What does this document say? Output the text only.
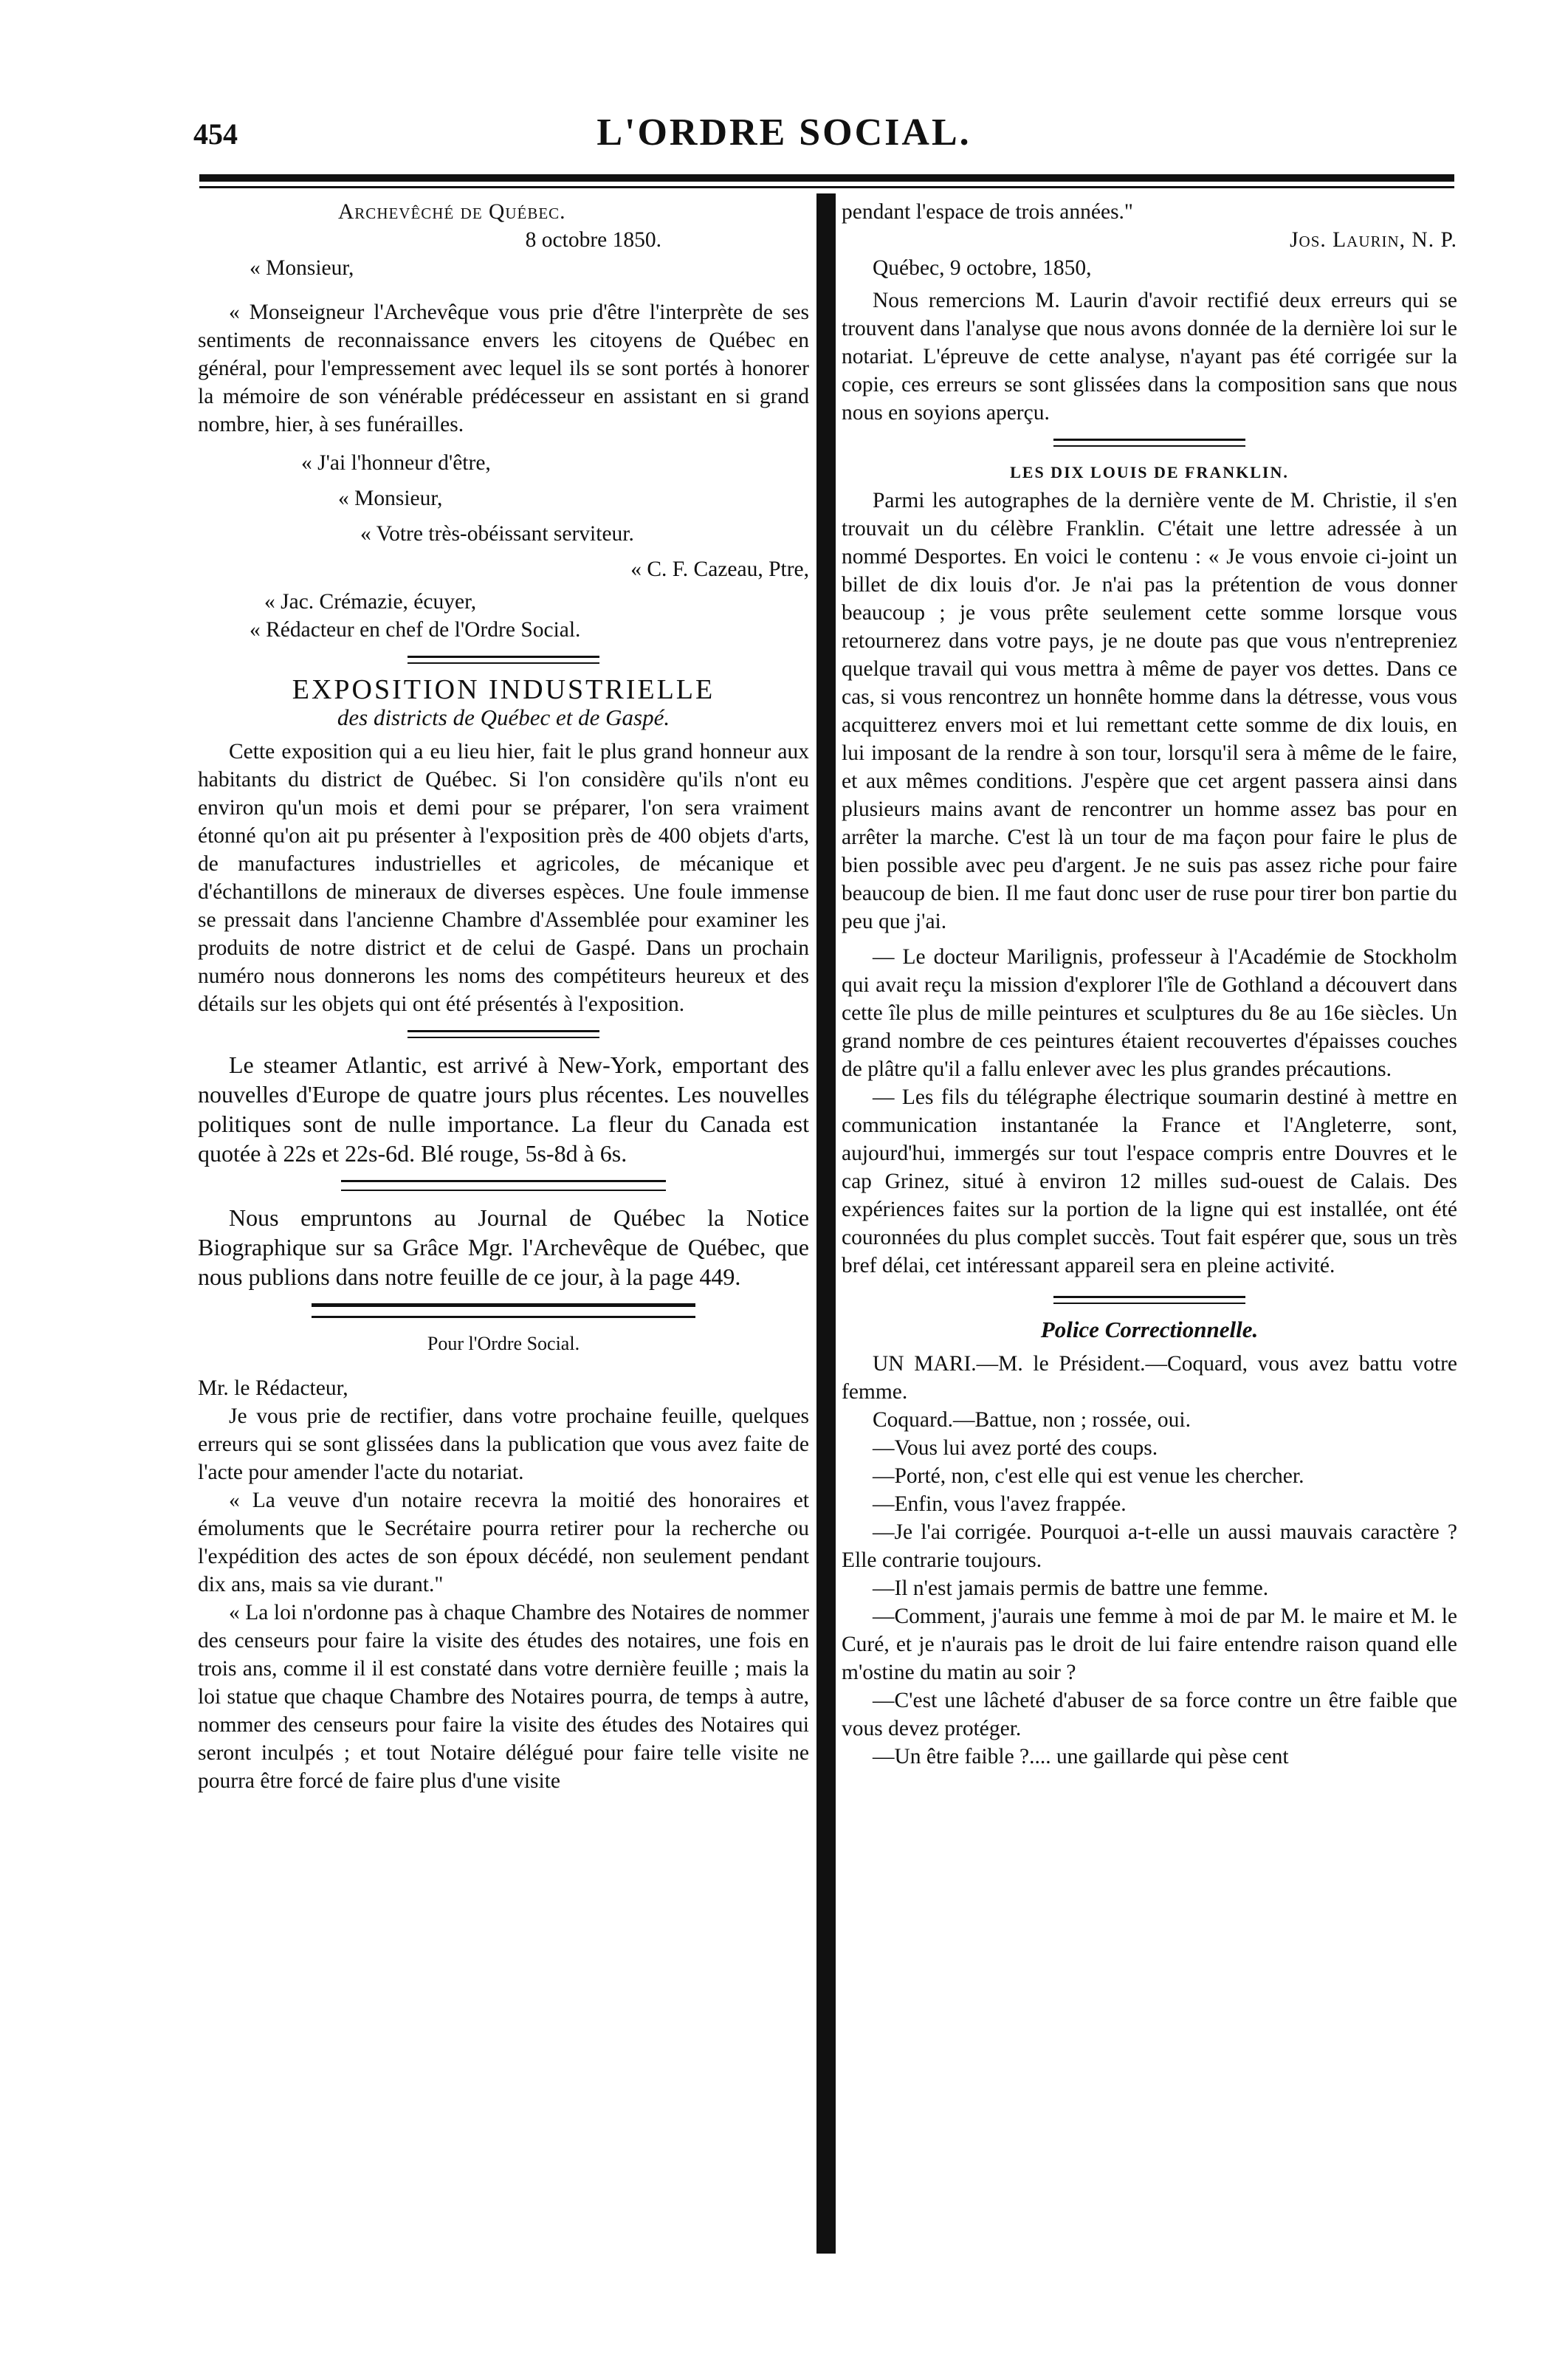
454	L'ORDRE SOCIAL.

Archevêché de Québec.

8 octobre 1850.

« Monsieur,

« Monseigneur l'Archevêque vous prie d'être l'interprète de ses sentiments de reconnaissance envers les citoyens de Québec en général, pour l'empressement avec lequel ils se sont portés à honorer la mémoire de son vénérable prédécesseur en assistant en si grand nombre, hier, à ses funérailles.

« J'ai l'honneur d'être,

« Monsieur,

« Votre très-obéissant serviteur.

« C. F. Cazeau, Ptre,

« Jac. Crémazie, écuyer,

« Rédacteur en chef de l'Ordre Social.

EXPOSITION INDUSTRIELLE

des districts de Québec et de Gaspé.

Cette exposition qui a eu lieu hier, fait le plus grand honneur aux habitants du district de Québec. Si l'on considère qu'ils n'ont eu environ qu'un mois et demi pour se préparer, l'on sera vraiment étonné qu'on ait pu présenter à l'exposition près de 400 objets d'arts, de manufactures industrielles et agricoles, de mécanique et d'échantillons de mineraux de diverses espèces. Une foule immense se pressait dans l'ancienne Chambre d'Assemblée pour examiner les produits de notre district et de celui de Gaspé. Dans un prochain numéro nous donnerons les noms des compétiteurs heureux et des détails sur les objets qui ont été présentés à l'exposition.

Le steamer Atlantic, est arrivé à New-York, emportant des nouvelles d'Europe de quatre jours plus récentes. Les nouvelles politiques sont de nulle importance. La fleur du Canada est quotée à 22s et 22s-6d. Blé rouge, 5s-8d à 6s.

Nous empruntons au Journal de Québec la Notice Biographique sur sa Grâce Mgr. l'Archevêque de Québec, que nous publions dans notre feuille de ce jour, à la page 449.

Pour l'Ordre Social.

Mr. le Rédacteur,

Je vous prie de rectifier, dans votre prochaine feuille, quelques erreurs qui se sont glissées dans la publication que vous avez faite de l'acte pour amender l'acte du notariat.

« La veuve d'un notaire recevra la moitié des honoraires et émoluments que le Secrétaire pourra retirer pour la recherche ou l'expédition des actes de son époux décédé, non seulement pendant dix ans, mais sa vie durant."

« La loi n'ordonne pas à chaque Chambre des Notaires de nommer des censeurs pour faire la visite des études des notaires, une fois en trois ans, comme il il est constaté dans votre dernière feuille ; mais la loi statue que chaque Chambre des Notaires pourra, de temps à autre, nommer des censeurs pour faire la visite des études des Notaires qui seront inculpés ; et tout Notaire délégué pour faire telle visite ne pourra être forcé de faire plus d'une visite

pendant l'espace de trois années."

Jos. Laurin, N. P.

Québec, 9 octobre, 1850,

Nous remercions M. Laurin d'avoir rectifié deux erreurs qui se trouvent dans l'analyse que nous avons donnée de la dernière loi sur le notariat. L'épreuve de cette analyse, n'ayant pas été corrigée sur la copie, ces erreurs se sont glissées dans la composition sans que nous nous en soyions aperçu.

LES DIX LOUIS DE FRANKLIN.

Parmi les autographes de la dernière vente de M. Christie, il s'en trouvait un du célèbre Franklin. C'était une lettre adressée à un nommé Desportes. En voici le contenu : « Je vous envoie ci-joint un billet de dix louis d'or. Je n'ai pas la prétention de vous donner beaucoup ; je vous prête seulement cette somme lorsque vous retournerez dans votre pays, je ne doute pas que vous n'entrepreniez quelque travail qui vous mettra à même de payer vos dettes. Dans ce cas, si vous rencontrez un honnête homme dans la détresse, vous vous acquitterez envers moi et lui remettant cette somme de dix louis, en lui imposant de la rendre à son tour, lorsqu'il sera à même de le faire, et aux mêmes conditions. J'espère que cet argent passera ainsi dans plusieurs mains avant de rencontrer un homme assez bas pour en arrêter la marche. C'est là un tour de ma façon pour faire le plus de bien possible avec peu d'argent. Je ne suis pas assez riche pour faire beaucoup de bien. Il me faut donc user de ruse pour tirer bon partie du peu que j'ai.

— Le docteur Marilignis, professeur à l'Académie de Stockholm qui avait reçu la mission d'explorer l'île de Gothland a découvert dans cette île plus de mille peintures et sculptures du 8e au 16e siècles. Un grand nombre de ces peintures étaient recouvertes d'épaisses couches de plâtre qu'il a fallu enlever avec les plus grandes précautions.

— Les fils du télégraphe électrique soumarin destiné à mettre en communication instantanée la France et l'Angleterre, sont, aujourd'hui, immergés sur tout l'espace compris entre Douvres et le cap Grinez, situé à environ 12 milles sud-ouest de Calais. Des expériences faites sur la portion de la ligne qui est installée, ont été couronnées du plus complet succès. Tout fait espérer que, sous un très bref délai, cet intéressant appareil sera en pleine activité.

Police Correctionnelle.

UN MARI.—M. le Président.—Coquard, vous avez battu votre femme.

Coquard.—Battue, non ; rossée, oui.

—Vous lui avez porté des coups.

—Porté, non, c'est elle qui est venue les chercher.

—Enfin, vous l'avez frappée.

—Je l'ai corrigée. Pourquoi a-t-elle un aussi mauvais caractère ? Elle contrarie toujours.

—Il n'est jamais permis de battre une femme.

—Comment, j'aurais une femme à moi de par M. le maire et M. le Curé, et je n'aurais pas le droit de lui faire entendre raison quand elle m'ostine du matin au soir ?

—C'est une lâcheté d'abuser de sa force contre un être faible que vous devez protéger.

—Un être faible ?.... une gaillarde qui pèse cent
